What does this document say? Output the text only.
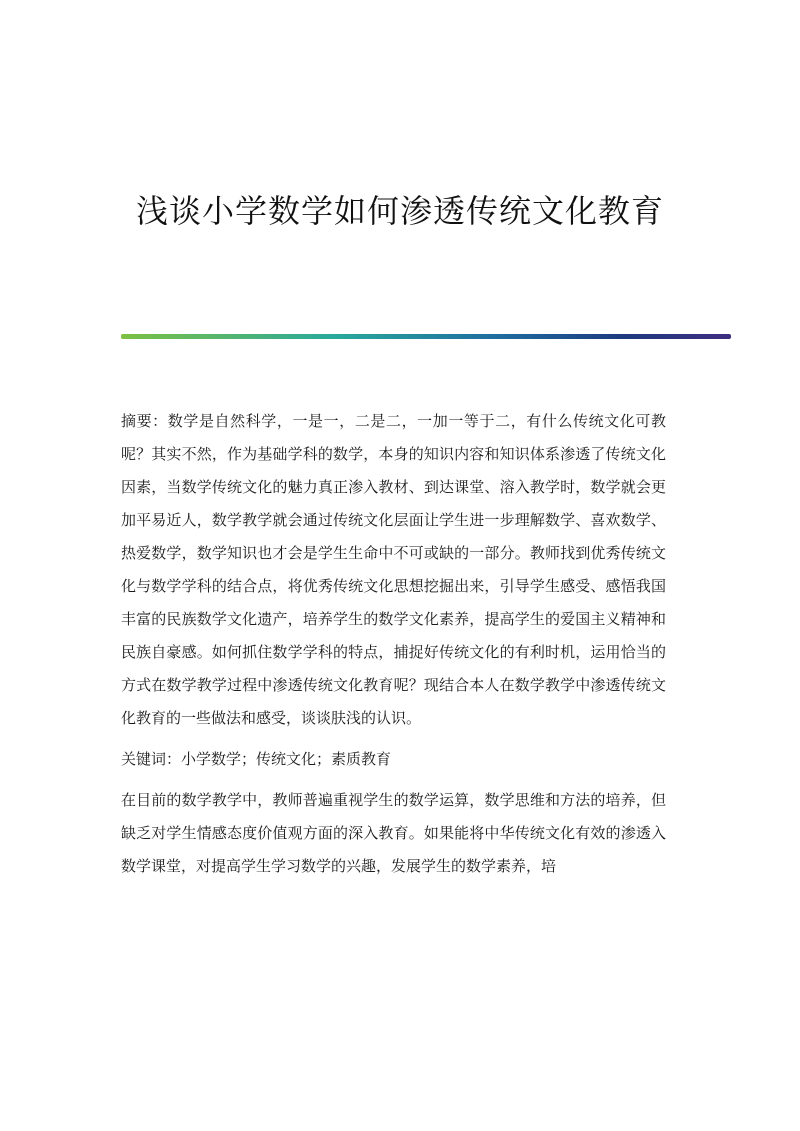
浅谈小学数学如何渗透传统文化教育

摘要：数学是自然科学，一是一，二是二，一加一等于二，有什么传统文化可教呢？其实不然，作为基础学科的数学，本身的知识内容和知识体系渗透了传统文化因素，当数学传统文化的魅力真正渗入教材、到达课堂、溶入教学时，数学就会更加平易近人，数学教学就会通过传统文化层面让学生进一步理解数学、喜欢数学、热爱数学，数学知识也才会是学生生命中不可或缺的一部分。教师找到优秀传统文化与数学学科的结合点，将优秀传统文化思想挖掘出来，引导学生感受、感悟我国丰富的民族数学文化遗产，培养学生的数学文化素养，提高学生的爱国主义精神和民族自豪感。如何抓住数学学科的特点，捕捉好传统文化的有利时机，运用恰当的方式在数学教学过程中渗透传统文化教育呢？现结合本人在数学教学中渗透传统文化教育的一些做法和感受，谈谈肤浅的认识。

关键词：小学数学；传统文化；素质教育

在目前的数学教学中，教师普遍重视学生的数学运算，数学思维和方法的培养，但缺乏对学生情感态度价值观方面的深入教育。如果能将中华传统文化有效的渗透入数学课堂，对提高学生学习数学的兴趣，发展学生的数学素养，培
